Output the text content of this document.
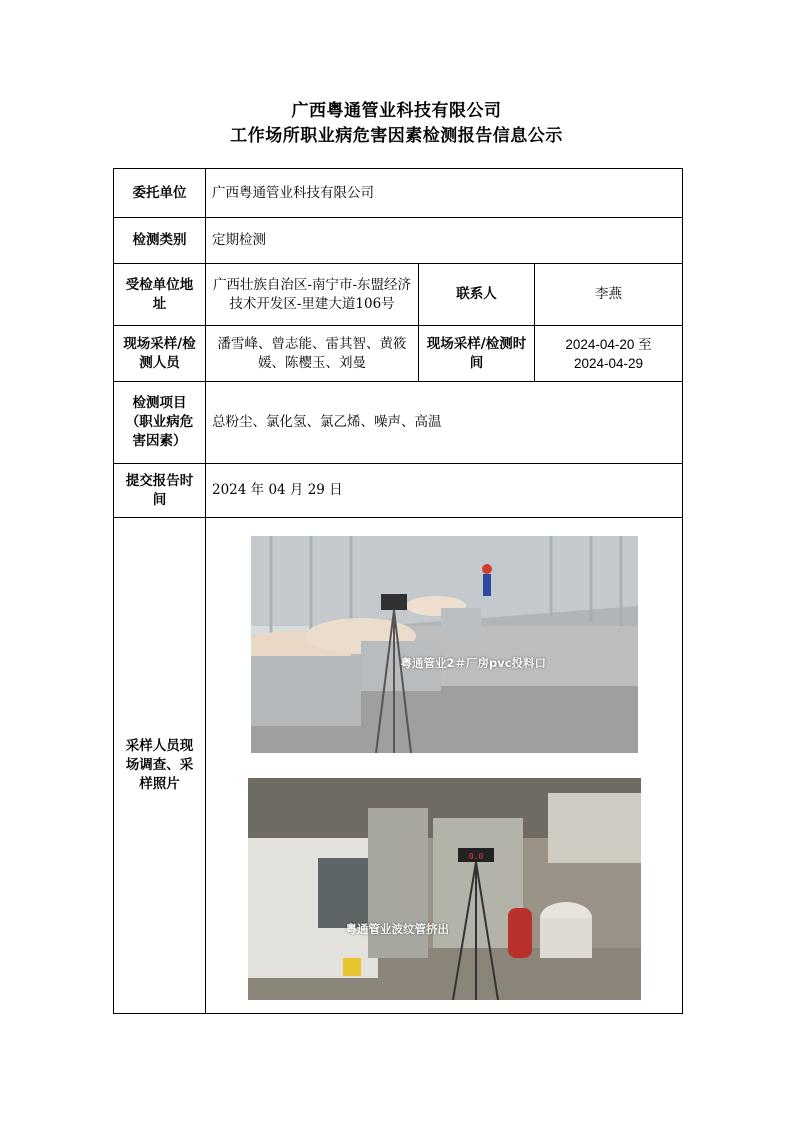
广西粤通管业科技有限公司
工作场所职业病危害因素检测报告信息公示
委托单位	广西粤通管业科技有限公司		
检测类别	定期检测		
受检单位地址	广西壮族自治区-南宁市-东盟经济技术开发区-里建大道106号	联系人	李燕
现场采样/检测人员	潘雪峰、曾志能、雷其智、黄筱媛、陈樱玉、刘曼	现场采样/检测时间	2024-04-20 至
2024-04-29

检测项目（职业病危害因素）	总粉尘、氯化氢、氯乙烯、噪声、高温		
提交报告时间	2024 年 04 月 29 日		
采样人员现场调查、采样照片	粤通管业2＃厂房pvc投料口
0.0
粤通管业波纹管挤出		
